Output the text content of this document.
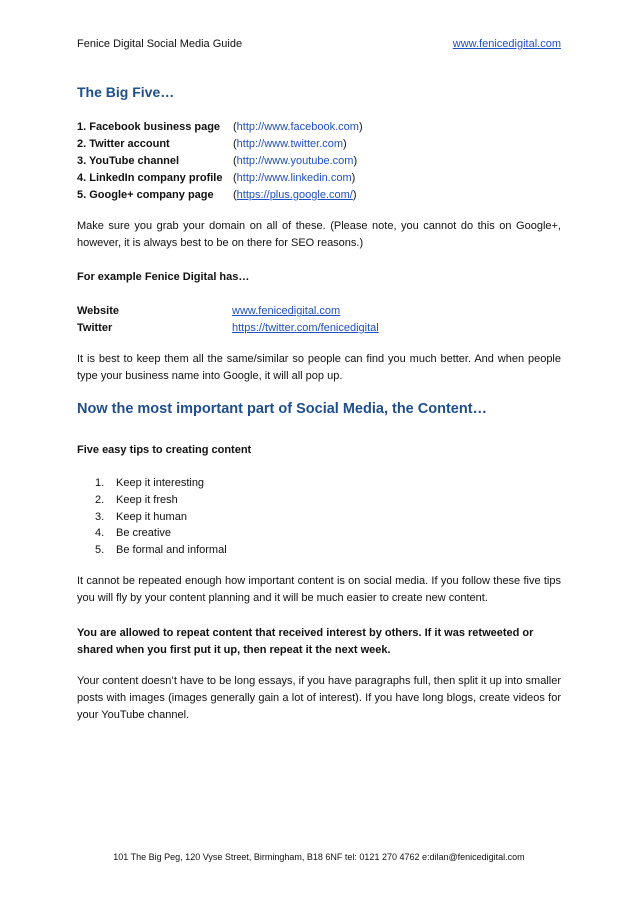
Fenice Digital Social Media Guide	www.fenicedigital.com
The Big Five…
1. Facebook business page (http://www.facebook.com)
2. Twitter account	(http://www.twitter.com)
3. YouTube channel	(http://www.youtube.com)
4. LinkedIn company profile (http://www.linkedin.com)
5. Google+ company page (https://plus.google.com/)
Make sure you grab your domain on all of these. (Please note, you cannot do this on Google+, however, it is always best to be on there for SEO reasons.)
For example Fenice Digital has…
Website	www.fenicedigital.com
Twitter	https://twitter.com/fenicedigital
It is best to keep them all the same/similar so people can find you much better. And when people type your business name into Google, it will all pop up.
Now the most important part of Social Media, the Content…
Five easy tips to creating content
1.	Keep it interesting
2.	Keep it fresh
3.	Keep it human
4.	Be creative
5.	Be formal and informal
It cannot be repeated enough how important content is on social media. If you follow these five tips you will fly by your content planning and it will be much easier to create new content.
You are allowed to repeat content that received interest by others. If it was retweeted or shared when you first put it up, then repeat it the next week.
Your content doesn’t have to be long essays, if you have paragraphs full, then split it up into smaller posts with images (images generally gain a lot of interest). If you have long blogs, create videos for your YouTube channel.
101 The Big Peg, 120 Vyse Street, Birmingham, B18 6NF tel: 0121 270 4762 e:dilan@fenicedigital.com
